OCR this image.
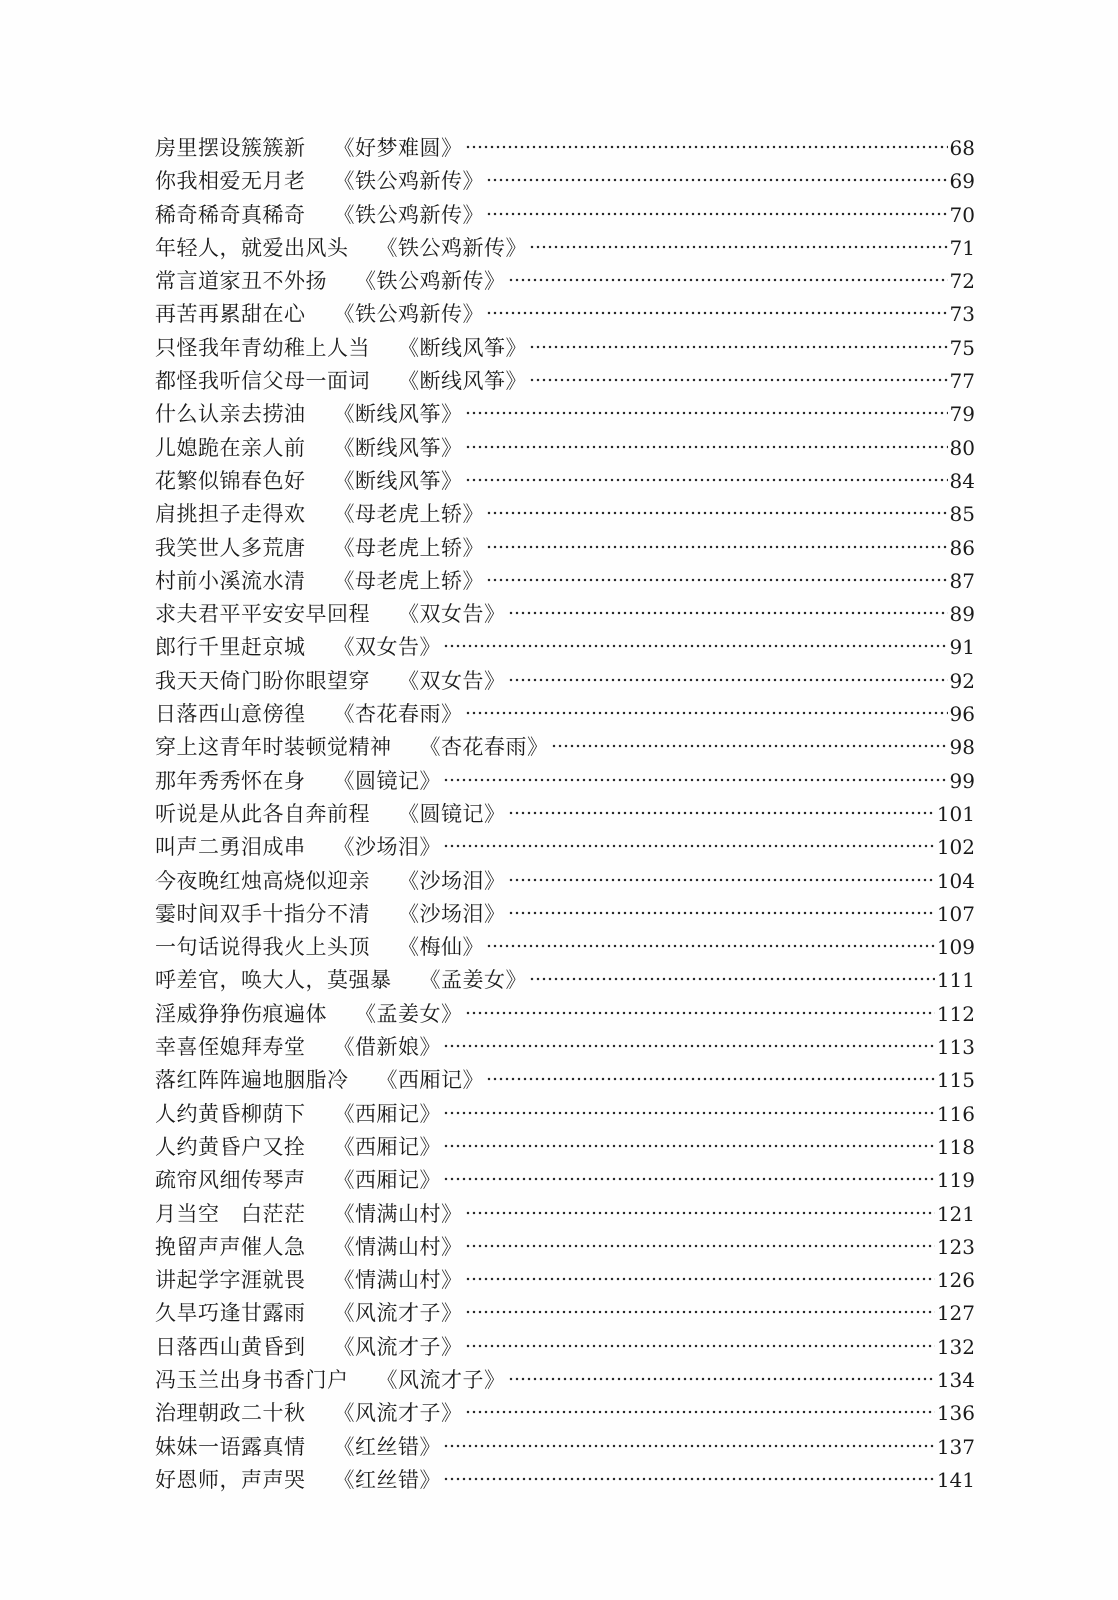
房里摆设簇簇新 《好梦难圆》	68
你我相爱无月老 《铁公鸡新传》	69
稀奇稀奇真稀奇 《铁公鸡新传》	70
年轻人，就爱出风头 《铁公鸡新传》	71
常言道家丑不外扬 《铁公鸡新传》	72
再苦再累甜在心 《铁公鸡新传》	73
只怪我年青幼稚上人当 《断线风筝》	75
都怪我听信父母一面词 《断线风筝》	77
什么认亲去捞油 《断线风筝》	79
儿媳跪在亲人前 《断线风筝》	80
花繁似锦春色好 《断线风筝》	84
肩挑担子走得欢 《母老虎上轿》	85
我笑世人多荒唐 《母老虎上轿》	86
村前小溪流水清 《母老虎上轿》	87
求夫君平平安安早回程 《双女告》	89
郎行千里赶京城 《双女告》	91
我天天倚门盼你眼望穿 《双女告》	92
日落西山意傍徨 《杏花春雨》	96
穿上这青年时装顿觉精神 《杏花春雨》	98
那年秀秀怀在身 《圆镜记》	99
听说是从此各自奔前程 《圆镜记》	101
叫声二勇泪成串 《沙场泪》	102
今夜晚红烛高烧似迎亲 《沙场泪》	104
霎时间双手十指分不清 《沙场泪》	107
一句话说得我火上头顶 《梅仙》	109
呼差官，唤大人，莫强暴 《孟姜女》	111
淫威狰狰伤痕遍体 《孟姜女》	112
幸喜侄媳拜寿堂 《借新娘》	113
落红阵阵遍地胭脂冷 《西厢记》	115
人约黄昏柳荫下 《西厢记》	116
人约黄昏户又拴 《西厢记》	118
疏帘风细传琴声 《西厢记》	119
月当空　白茫茫 《情满山村》	121
挽留声声催人急 《情满山村》	123
讲起学字涯就畏 《情满山村》	126
久旱巧逢甘露雨 《风流才子》	127
日落西山黄昏到 《风流才子》	132
冯玉兰出身书香门户 《风流才子》	134
治理朝政二十秋 《风流才子》	136
妹妹一语露真情 《红丝错》	137
好恩师，声声哭 《红丝错》	141
